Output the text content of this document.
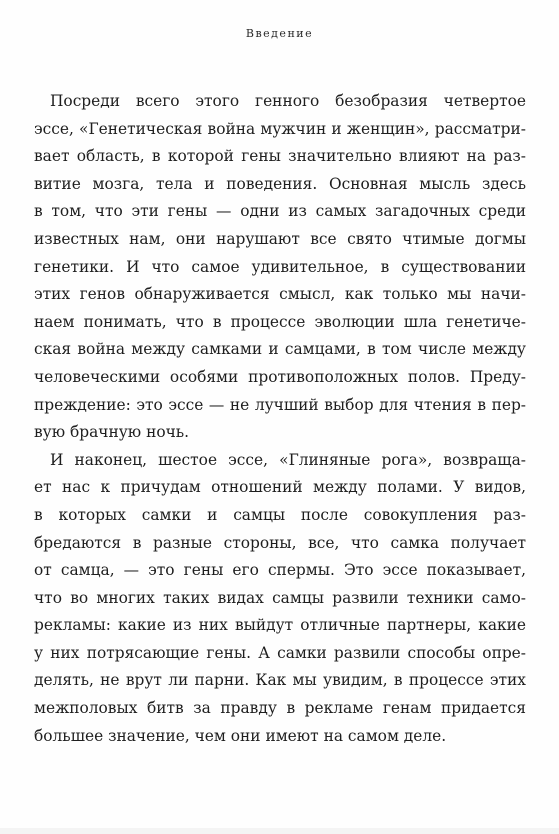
Введение
Посреди всего этого генного безобразия четвертое
эссе, «Генетическая война мужчин и женщин», рассматри-
вает область, в которой гены значительно влияют на раз-
витие мозга, тела и поведения. Основная мысль здесь
в том, что эти гены — одни из самых загадочных среди
известных нам, они нарушают все свято чтимые догмы
генетики. И что самое удивительное, в существовании
этих генов обнаруживается смысл, как только мы начи-
наем понимать, что в процессе эволюции шла генетиче-
ская война между самками и самцами, в том числе между
человеческими особями противоположных полов. Преду-
преждение: это эссе — не лучший выбор для чтения в пер-
вую брачную ночь.
И наконец, шестое эссе, «Глиняные рога», возвраща-
ет нас к причудам отношений между полами. У видов,
в которых самки и самцы после совокупления раз-
бредаются в разные стороны, все, что самка получает
от самца, — это гены его спермы. Это эссе показывает,
что во многих таких видах самцы развили техники само-
рекламы: какие из них выйдут отличные партнеры, какие
у них потрясающие гены. А самки развили способы опре-
делять, не врут ли парни. Как мы увидим, в процессе этих
межполовых битв за правду в рекламе генам придается
большее значение, чем они имеют на самом деле.
